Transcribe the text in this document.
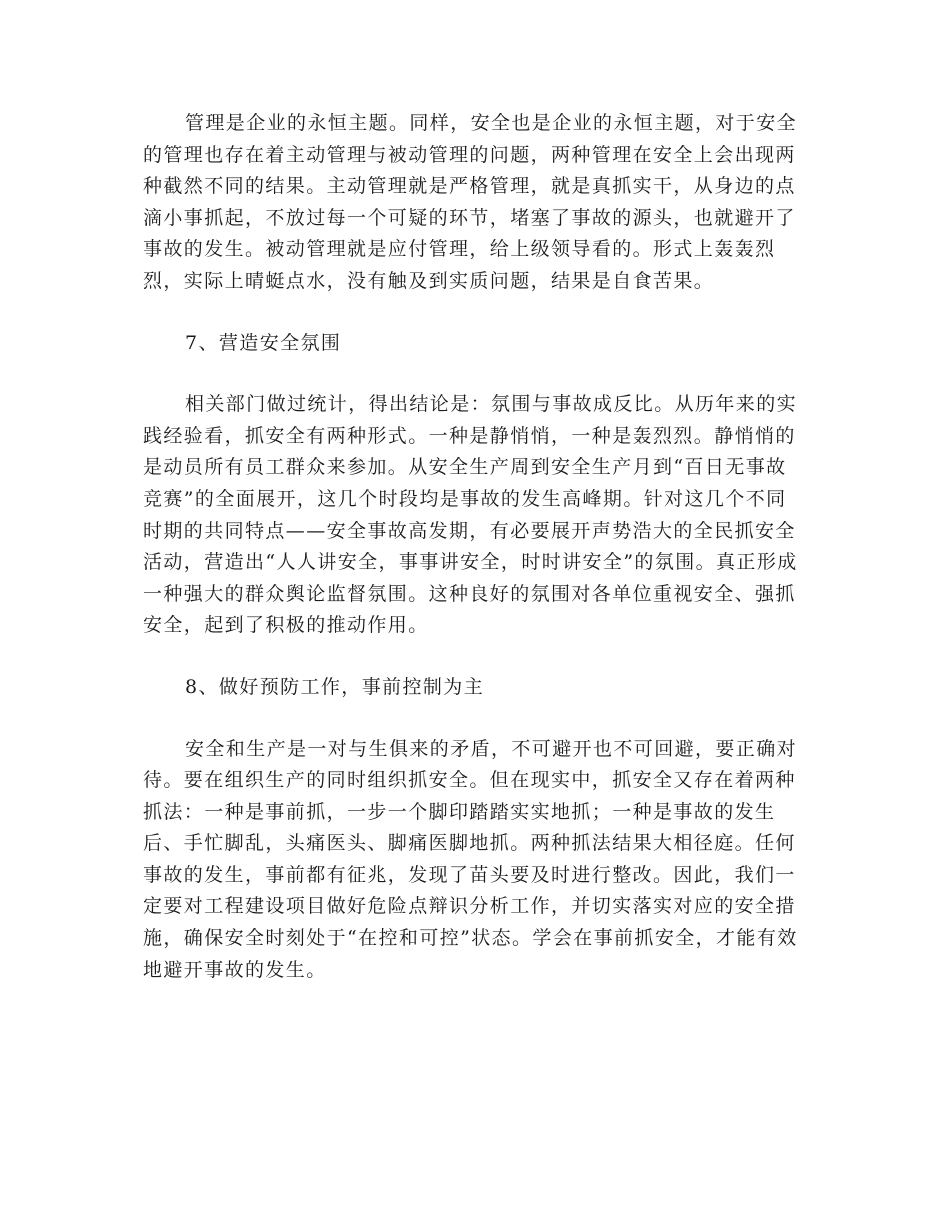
管理是企业的永恒主题。同样，安全也是企业的永恒主题，对于安全的管理也存在着主动管理与被动管理的问题，两种管理在安全上会出现两种截然不同的结果。主动管理就是严格管理，就是真抓实干，从身边的点滴小事抓起，不放过每一个可疑的环节，堵塞了事故的源头，也就避开了事故的发生。被动管理就是应付管理，给上级领导看的。形式上轰轰烈烈，实际上晴蜓点水，没有触及到实质问题，结果是自食苦果。

7、营造安全氛围

相关部门做过统计，得出结论是：氛围与事故成反比。从历年来的实践经验看，抓安全有两种形式。一种是静悄悄，一种是轰烈烈。静悄悄的是动员所有员工群众来参加。从安全生产周到安全生产月到“百日无事故竞赛”的全面展开，这几个时段均是事故的发生高峰期。针对这几个不同时期的共同特点——安全事故高发期，有必要展开声势浩大的全民抓安全活动，营造出“人人讲安全，事事讲安全，时时讲安全”的氛围。真正形成一种强大的群众舆论监督氛围。这种良好的氛围对各单位重视安全、强抓安全，起到了积极的推动作用。

8、做好预防工作，事前控制为主

安全和生产是一对与生俱来的矛盾，不可避开也不可回避，要正确对待。要在组织生产的同时组织抓安全。但在现实中，抓安全又存在着两种抓法：一种是事前抓，一步一个脚印踏踏实实地抓；一种是事故的发生后、手忙脚乱，头痛医头、脚痛医脚地抓。两种抓法结果大相径庭。任何事故的发生，事前都有征兆，发现了苗头要及时进行整改。因此，我们一定要对工程建设项目做好危险点辩识分析工作，并切实落实对应的安全措施，确保安全时刻处于“在控和可控”状态。学会在事前抓安全，才能有效地避开事故的发生。
